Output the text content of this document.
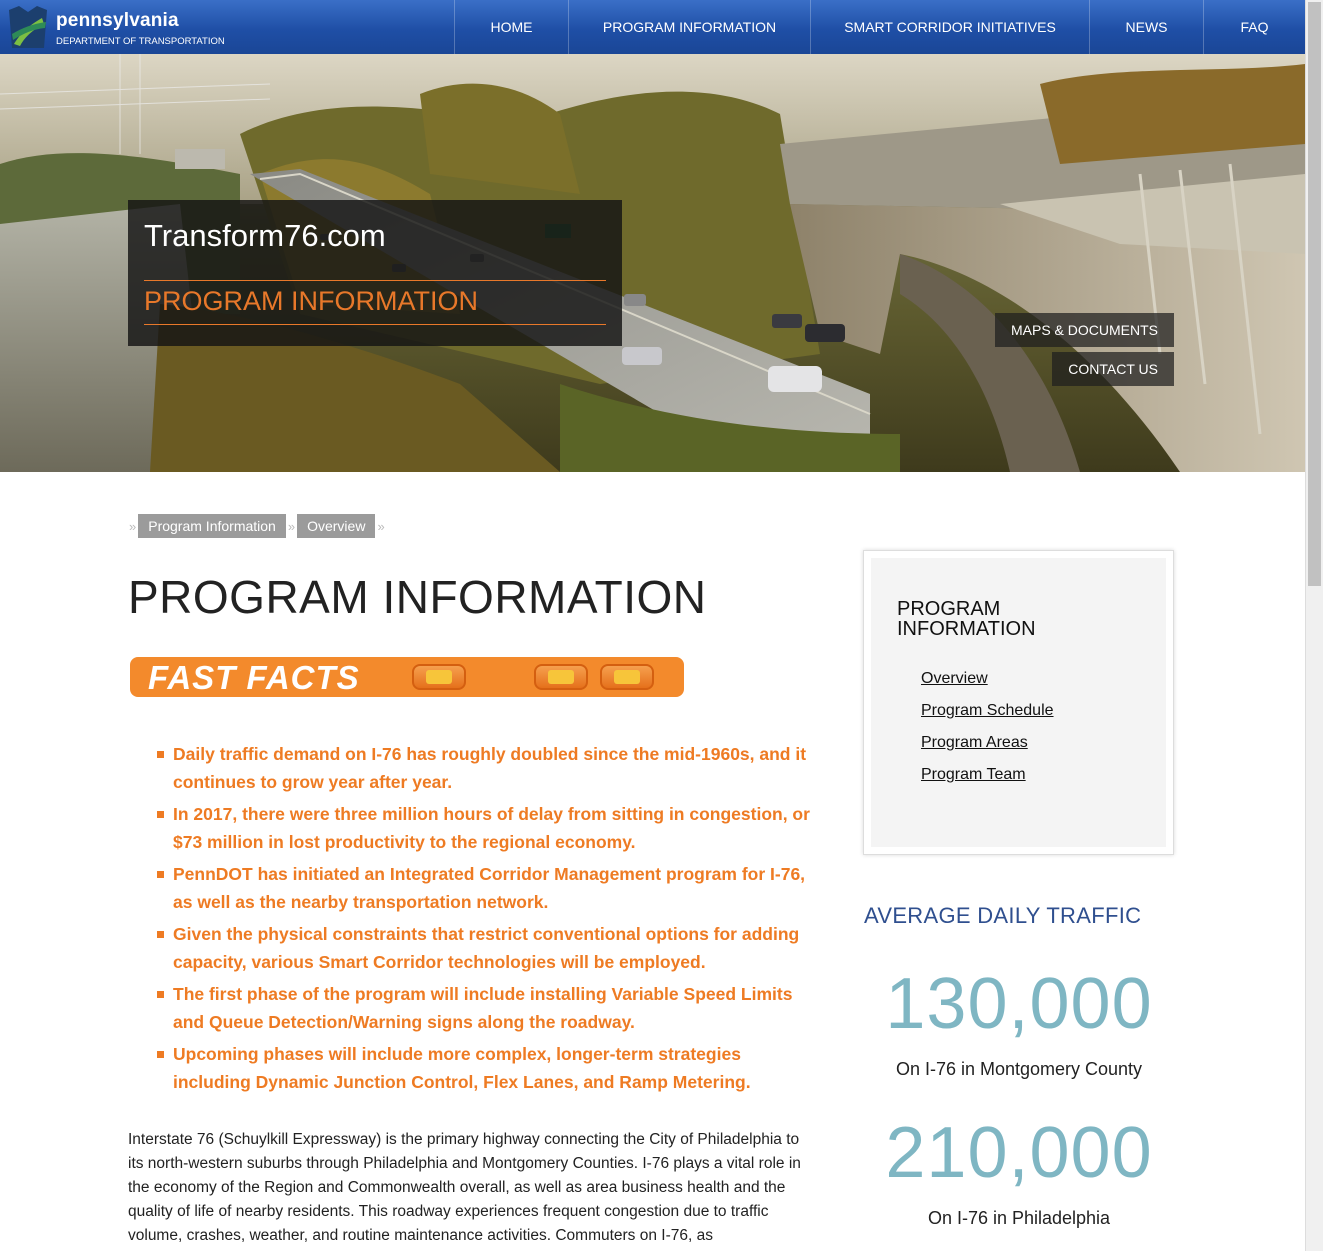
pennsylvania
DEPARTMENT OF TRANSPORTATION
HOME	PROGRAM INFORMATION	SMART CORRIDOR INITIATIVES	NEWS	FAQ
Transform76.com
PROGRAM INFORMATION
MAPS & DOCUMENTS
CONTACT US
» Program Information » Overview »
PROGRAM INFORMATION
FAST FACTS
Daily traffic demand on I-76 has roughly doubled since the mid-1960s, and it continues to grow year after year.
In 2017, there were three million hours of delay from sitting in congestion, or $73 million in lost productivity to the regional economy.
PennDOT has initiated an Integrated Corridor Management program for I-76, as well as the nearby transportation network.
Given the physical constraints that restrict conventional options for adding capacity, various Smart Corridor technologies will be employed.
The first phase of the program will include installing Variable Speed Limits and Queue Detection/Warning signs along the roadway.
Upcoming phases will include more complex, longer-term strategies including Dynamic Junction Control, Flex Lanes, and Ramp Metering.

Interstate 76 (Schuylkill Expressway) is the primary highway connecting the City of Philadelphia to its north-western suburbs through Philadelphia and Montgomery Counties. I-76 plays a vital role in the economy of the Region and Commonwealth overall, as well as area business health and the quality of life of nearby residents. This roadway experiences frequent congestion due to traffic volume, crashes, weather, and routine maintenance activities. Commuters on I-76, as

PROGRAM INFORMATION
Overview
Program Schedule
Program Areas
Program Team
AVERAGE DAILY TRAFFIC
130,000
On I-76 in Montgomery County
210,000
On I-76 in Philadelphia
